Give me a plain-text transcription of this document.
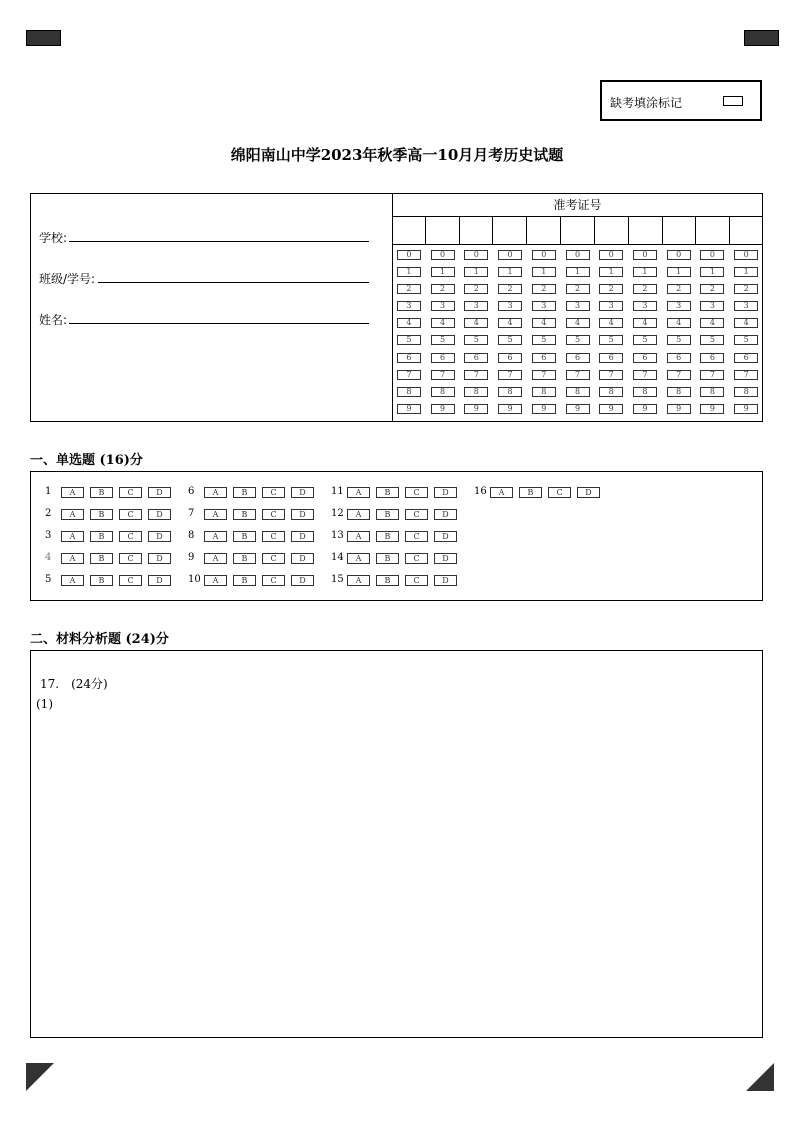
缺考填涂标记
绵阳南山中学2023年秋季高一10月月考历史试题
学校:
班级/学号:
姓名:
准考证号
0	0	0	0	0	0	0	0	0	0	0
1	1	1	1	1	1	1	1	1	1	1
2	2	2	2	2	2	2	2	2	2	2
3	3	3	3	3	3	3	3	3	3	3
4	4	4	4	4	4	4	4	4	4	4
5	5	5	5	5	5	5	5	5	5	5
6	6	6	6	6	6	6	6	6	6	6
7	7	7	7	7	7	7	7	7	7	7
8	8	8	8	8	8	8	8	8	8	8
9	9	9	9	9	9	9	9	9	9	9
一、单选题 (16)分
1	A	B	C	D
2	A	B	C	D
3	A	B	C	D
4	A	B	C	D
5	A	B	C	D
6	A	B	C	D
7	A	B	C	D
8	A	B	C	D
9	A	B	C	D
10	A	B	C	D
11	A	B	C	D
12	A	B	C	D
13	A	B	C	D
14	A	B	C	D
15	A	B	C	D
16	A	B	C	D
二、材料分析题 (24)分
17.　(24分)
(1)
